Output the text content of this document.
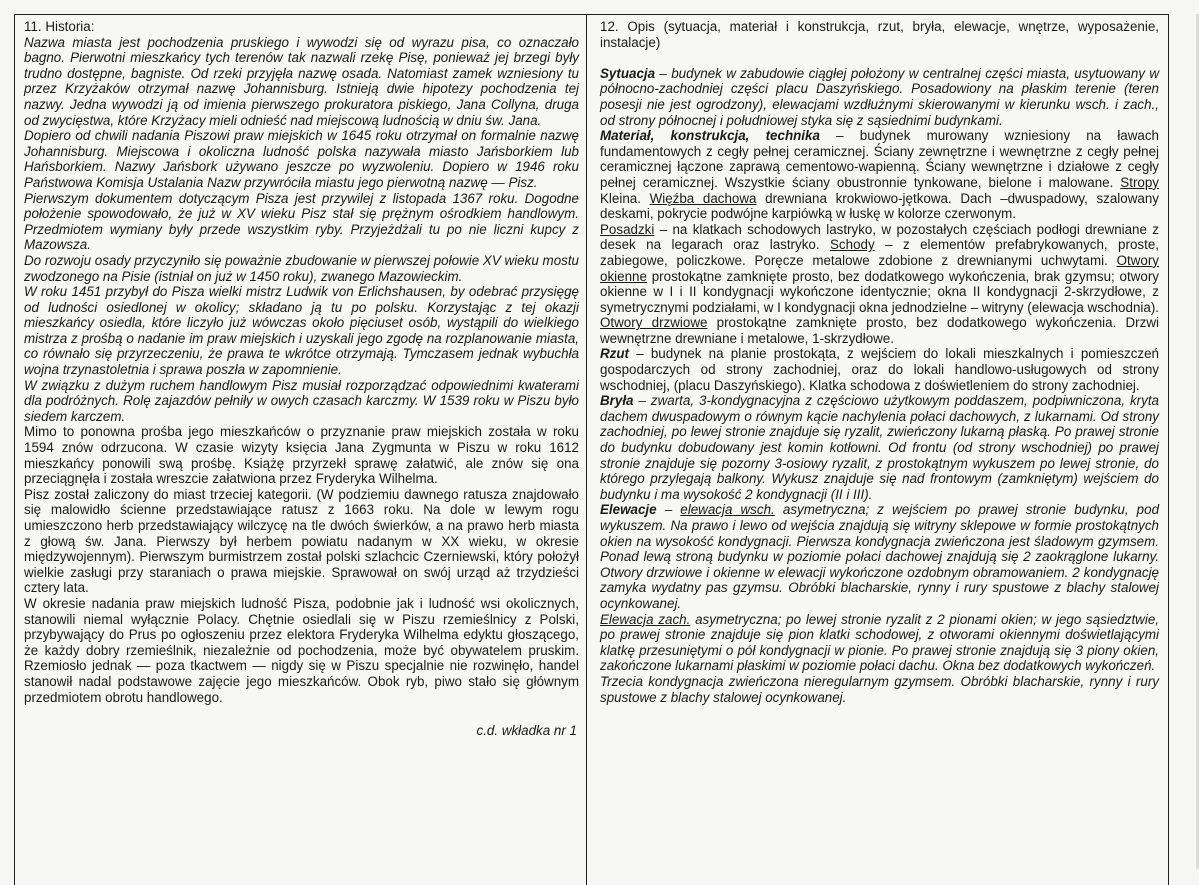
11. Historia:

Nazwa miasta jest pochodzenia pruskiego i wywodzi się od wyrazu pisa, co oznaczało bagno. Pierwotni mieszkańcy tych terenów tak nazwali rzekę Pisę, ponieważ jej brzegi były trudno dostępne, bagniste. Od rzeki przyjęła nazwę osada. Natomiast zamek wzniesiony tu przez Krzyżaków otrzymał nazwę Johannisburg. Istnieją dwie hipotezy pochodzenia tej nazwy. Jedna wywodzi ją od imienia pierwszego prokuratora piskiego, Jana Collyna, druga od zwycięstwa, które Krzyżacy mieli odnieść nad miejscową ludnością w dniu św. Jana.

Dopiero od chwili nadania Piszowi praw miejskich w 1645 roku otrzymał on formalnie nazwę Johannisburg. Miejscowa i okoliczna ludność polska nazywała miasto Jańsborkiem lub Hańsborkiem. Nazwy Jańsbork używano jeszcze po wyzwoleniu. Dopiero w 1946 roku Państwowa Komisja Ustalania Nazw przywróciła miastu jego pierwotną nazwę — Pisz.

Pierwszym dokumentem dotyczącym Pisza jest przywilej z listopada 1367 roku. Dogodne położenie spowodowało, że już w XV wieku Pisz stał się prężnym ośrodkiem handlowym. Przedmiotem wymiany były przede wszystkim ryby. Przyjeżdżali tu po nie liczni kupcy z Mazowsza.

Do rozwoju osady przyczyniło się poważnie zbudowanie w pierwszej połowie XV wieku mostu zwodzonego na Pisie (istniał on już w 1450 roku), zwanego Mazowieckim.

W roku 1451 przybył do Pisza wielki mistrz Ludwik von Erlichshausen, by odebrać przysięgę od ludności osiedlonej w okolicy; składano ją tu po polsku. Korzystając z tej okazji mieszkańcy osiedla, które liczyło już wówczas około pięciuset osób, wystąpili do wielkiego mistrza z prośbą o nadanie im praw miejskich i uzyskali jego zgodę na rozplanowanie miasta, co równało się przyrzeczeniu, że prawa te wkrótce otrzymają. Tymczasem jednak wybuchła wojna trzynastoletnia i sprawa poszła w zapomnienie.

W związku z dużym ruchem handlowym Pisz musiał rozporządzać odpowiednimi kwaterami dla podróżnych. Rolę zajazdów pełniły w owych czasach karczmy. W 1539 roku w Piszu było siedem karczem.

Mimo to ponowna prośba jego mieszkańców o przyznanie praw miejskich została w roku 1594 znów odrzucona. W czasie wizyty księcia Jana Zygmunta w Piszu w roku 1612 mieszkańcy ponowili swą prośbę. Książę przyrzekł sprawę załatwić, ale znów się ona przeciągnęła i została wreszcie załatwiona przez Fryderyka Wilhelma.

Pisz został zaliczony do miast trzeciej kategorii. (W podziemiu dawnego ratusza znajdowało się malowidło ścienne przedstawiające ratusz z 1663 roku. Na dole w lewym rogu umieszczono herb przedstawiający wilczycę na tle dwóch świerków, a na prawo herb miasta z głową św. Jana. Pierwszy był herbem powiatu nadanym w XX wieku, w okresie międzywojennym). Pierwszym burmistrzem został polski szlachcic Czerniewski, który położył wielkie zasługi przy staraniach o prawa miejskie. Sprawował on swój urząd aż trzydzieści cztery lata.

W okresie nadania praw miejskich ludność Pisza, podobnie jak i ludność wsi okolicznych, stanowili niemal wyłącznie Polacy. Chętnie osiedlali się w Piszu rzemieślnicy z Polski, przybywający do Prus po ogłoszeniu przez elektora Fryderyka Wilhelma edyktu głoszącego, że każdy dobry rzemieślnik, niezależnie od pochodzenia, może być obywatelem pruskim. Rzemiosło jednak — poza tkactwem — nigdy się w Piszu specjalnie nie rozwinęło, handel stanowił nadal podstawowe zajęcie jego mieszkańców. Obok ryb, piwo stało się głównym przedmiotem obrotu handlowego.

c.d. wkładka nr 1

12. Opis (sytuacja, materiał i konstrukcja, rzut, bryła, elewacje, wnętrze, wyposażenie, instalacje)

Sytuacja – budynek w zabudowie ciągłej położony w centralnej części miasta, usytuowany w północno-zachodniej części placu Daszyńskiego. Posadowiony na płaskim terenie (teren posesji nie jest ogrodzony), elewacjami wzdłużnymi skierowanymi w kierunku wsch. i zach., od strony północnej i południowej styka się z sąsiednimi budynkami.

Materiał, konstrukcja, technika – budynek murowany wzniesiony na ławach fundamentowych z cegły pełnej ceramicznej. Ściany zewnętrzne i wewnętrzne z cegły pełnej ceramicznej łączone zaprawą cementowo-wapienną. Ściany wewnętrzne i działowe z cegły pełnej ceramicznej. Wszystkie ściany obustronnie tynkowane, bielone i malowane. Stropy Kleina. Więźba dachowa drewniana krokwiowo-jętkowa. Dach –dwuspadowy, szalowany deskami, pokrycie podwójne karpiówką w łuskę w kolorze czerwonym.

Posadzki – na klatkach schodowych lastryko, w pozostałych częściach podłogi drewniane z desek na legarach oraz lastryko. Schody – z elementów prefabrykowanych, proste, zabiegowe, policzkowe. Poręcze metalowe zdobione z drewnianymi uchwytami. Otwory okienne prostokątne zamknięte prosto, bez dodatkowego wykończenia, brak gzymsu; otwory okienne w I i II kondygnacji wykończone identycznie; okna II kondygnacji 2-skrzydłowe, z symetrycznymi podziałami, w I kondygnacji okna jednodzielne – witryny (elewacja wschodnia). Otwory drzwiowe prostokątne zamknięte prosto, bez dodatkowego wykończenia. Drzwi wewnętrzne drewniane i metalowe, 1-skrzydłowe.

Rzut – budynek na planie prostokąta, z wejściem do lokali mieszkalnych i pomieszczeń gospodarczych od strony zachodniej, oraz do lokali handlowo-usługowych od strony wschodniej, (placu Daszyńskiego). Klatka schodowa z doświetleniem do strony zachodniej.

Bryła – zwarta, 3-kondygnacyjna z częściowo użytkowym poddaszem, podpiwniczona, kryta dachem dwuspadowym o równym kącie nachylenia połaci dachowych, z lukarnami. Od strony zachodniej, po lewej stronie znajduje się ryzalit, zwieńczony lukarną płaską. Po prawej stronie do budynku dobudowany jest komin kotłowni. Od frontu (od strony wschodniej) po prawej stronie znajduje się pozorny 3-osiowy ryzalit, z prostokątnym wykuszem po lewej stronie, do którego przylegają balkony. Wykusz znajduje się nad frontowym (zamkniętym) wejściem do budynku i ma wysokość 2 kondygnacji (II i III).

Elewacje – elewacja wsch. asymetryczna; z wejściem po prawej stronie budynku, pod wykuszem. Na prawo i lewo od wejścia znajdują się witryny sklepowe w formie prostokątnych okien na wysokość kondygnacji. Pierwsza kondygnacja zwieńczona jest śladowym gzymsem. Ponad lewą stroną budynku w poziomie połaci dachowej znajdują się 2 zaokrąglone lukarny. Otwory drzwiowe i okienne w elewacji wykończone ozdobnym obramowaniem. 2 kondygnację zamyka wydatny pas gzymsu. Obróbki blacharskie, rynny i rury spustowe z blachy stalowej ocynkowanej.

Elewacja zach. asymetryczna; po lewej stronie ryzalit z 2 pionami okien; w jego sąsiedztwie, po prawej stronie znajduje się pion klatki schodowej, z otworami okiennymi doświetlającymi klatkę przesuniętymi o pół kondygnacji w pionie. Po prawej stronie znajdują się 3 piony okien, zakończone lukarnami płaskimi w poziomie połaci dachu. Okna bez dodatkowych wykończeń.

Trzecia kondygnacja zwieńczona nieregularnym gzymsem. Obróbki blacharskie, rynny i rury spustowe z blachy stalowej ocynkowanej.
